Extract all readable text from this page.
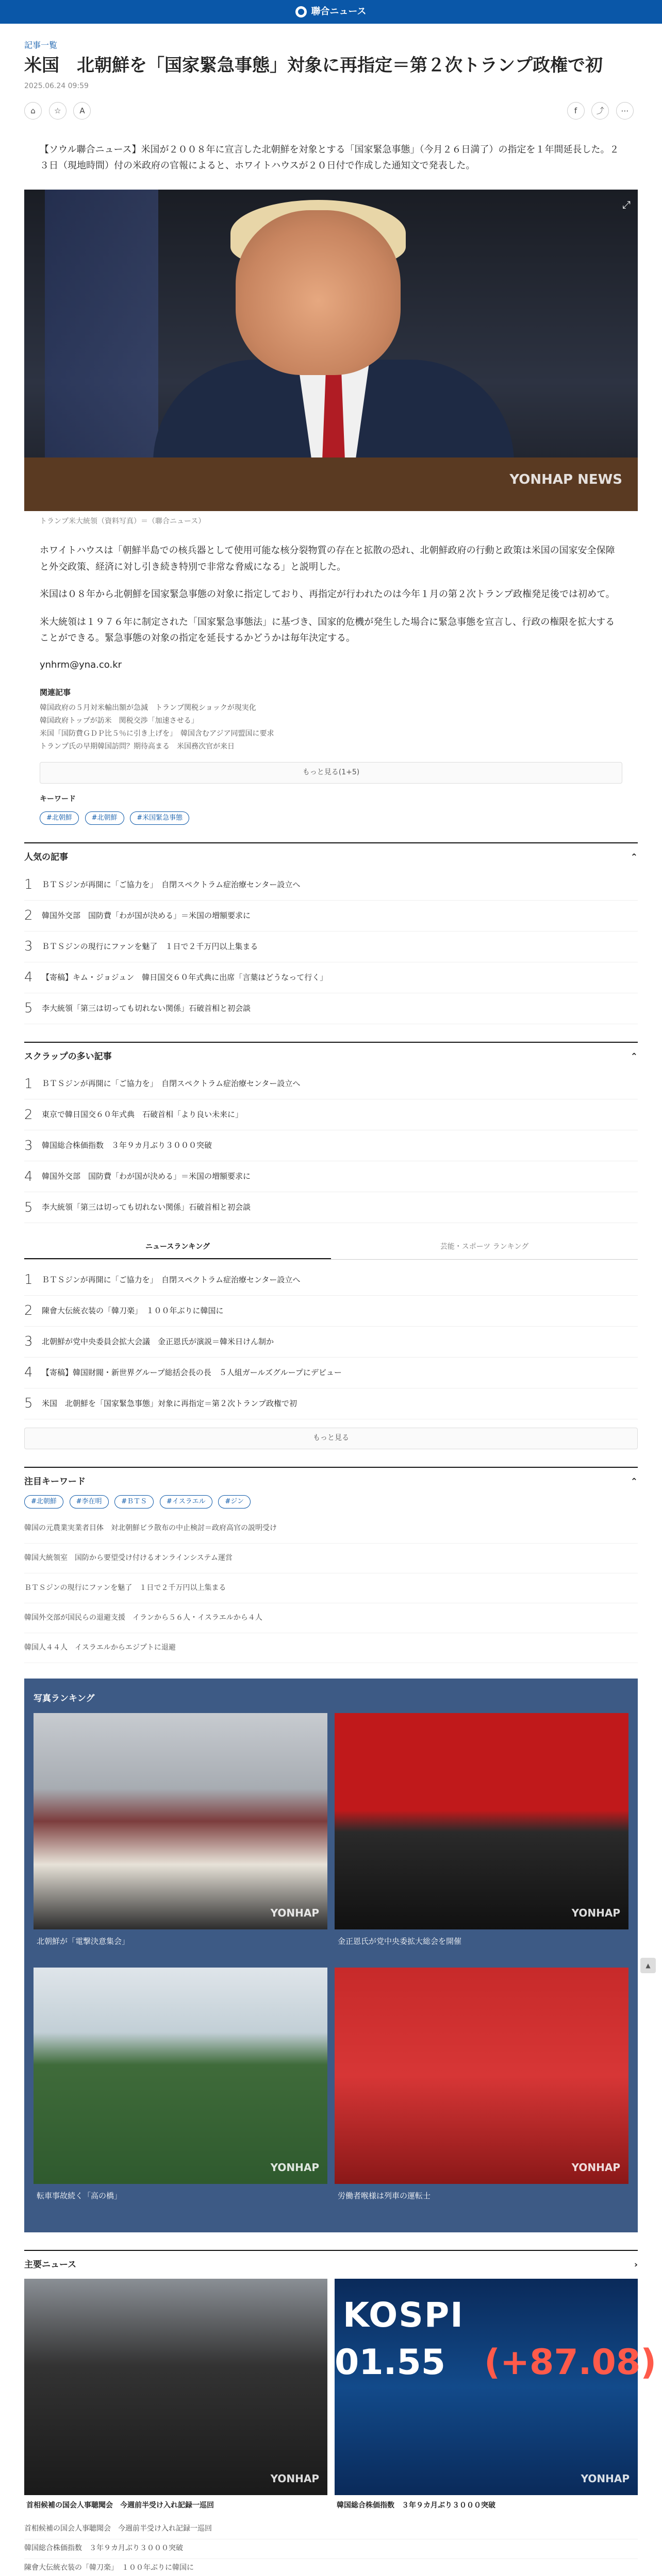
聯合ニュース
記事一覧
米国　北朝鮮を「国家緊急事態」対象に再指定＝第２次トランプ政権で初
2025.06.24 09:59
⌂ ☆ A	f	⤴ ⋯

【ソウル聯合ニュース】米国が２００８年に宣言した北朝鮮を対象とする「国家緊急事態」（今月２６日満了）の指定を１年間延長した。２３日（現地時間）付の米政府の官報によると、ホワイトハウスが２０日付で作成した通知文で発表した。

⤢
YONHAP NEWS
トランプ米大統領（資料写真）＝（聯合ニュース）

ホワイトハウスは「朝鮮半島での核兵器として使用可能な核分裂物質の存在と拡散の恐れ、北朝鮮政府の行動と政策は米国の国家安全保障と外交政策、経済に対し引き続き特別で非常な脅威になる」と説明した。

米国は０８年から北朝鮮を国家緊急事態の対象に指定しており、再指定が行われたのは今年１月の第２次トランプ政権発足後では初めて。

米大統領は１９７６年に制定された「国家緊急事態法」に基づき、国家的危機が発生した場合に緊急事態を宣言し、行政の権限を拡大することができる。緊急事態の対象の指定を延長するかどうかは毎年決定する。

ynhrm@yna.co.kr
関連記事
韓国政府の５月対米輸出額が急減　トランプ関税ショックが現実化
韓国政府トップが訪米　関税交渉「加速させる」
米国「国防費ＧＤＰ比５％に引き上げを」　韓国含むアジア同盟国に要求
トランプ氏の早期韓国訪問？期待高まる　米国務次官が来日
もっと見る(1+5)
キーワード
#北朝鮮	#北朝鮮	#米国緊急事態
人気の記事	⌃
1	ＢＴＳジンが再開に「ご協力を」　自閉スペクトラム症治療センター設立へ
2	韓国外交部　国防費「わが国が決める」＝米国の増額要求に
3	ＢＴＳジンの現行にファンを魅了　１日で２千万円以上集まる
4	【寄稿】キム・ジョジュン　韓日国交６０年式典に出席「言葉はどうなって行く」
5	李大統領「第三は切っても切れない関係」石破首相と初会談
スクラップの多い記事	⌃
1	ＢＴＳジンが再開に「ご協力を」　自閉スペクトラム症治療センター設立へ
2	東京で韓日国交６０年式典　石破首相「より良い未来に」
3	韓国総合株価指数　３年９カ月ぶり３０００突破
4	韓国外交部　国防費「わが国が決める」＝米国の増額要求に
5	李大統領「第三は切っても切れない関係」石破首相と初会談
ニュースランキング	芸能・スポーツ ランキング
1	ＢＴＳジンが再開に「ご協力を」　自閉スペクトラム症治療センター設立へ
2	陳會大伝統衣装の「韓刀楽」　１００年ぶりに韓国に
3	北朝鮮が党中央委員会拡大会議　金正恩氏が演説＝韓米日けん制か
4	【寄稿】韓国財閥・新世界グループ総括会長の長　５人組ガールズグループにデビュー
5	米国　北朝鮮を「国家緊急事態」対象に再指定＝第２次トランプ政権で初
もっと見る
注目キーワード	⌃
#北朝鮮	#李在明	#ＢＴＳ	#イスラエル	#ジン
韓国の元農業実業者目体　対北朝鮮ビラ散布の中止検討＝政府高官の説明受け
韓国大統領室　国防から要望受け付けるオンラインシステム運営
ＢＴＳジンの現行にファンを魅了　１日で２千万円以上集まる
韓国外交部が国民らの退避支援　イランから５６人・イスラエルから４人
韓国人４４人　イスラエルからエジプトに退避
写真ランキング
YONHAP
北朝鮮が「電撃決意集会」
YONHAP
金正恩氏が党中央委拡大総会を開催
YONHAP
転車事故続く「高の橋」
YONHAP
労働者喉様は列車の運転士
主要ニュース	›
YONHAP
首相候補の国会人事聴聞会　今週前半受け入れ記録一巡回
KOSPI
01.55 (+87.08)
YONHAP
韓国総合株価指数　３年９カ月ぶり３０００突破
首相候補の国会人事聴聞会　今週前半受け入れ記録一巡回
韓国総合株価指数　３年９カ月ぶり３０００突破
陳會大伝統衣装の「韓刀楽」　１００年ぶりに韓国に
▲
